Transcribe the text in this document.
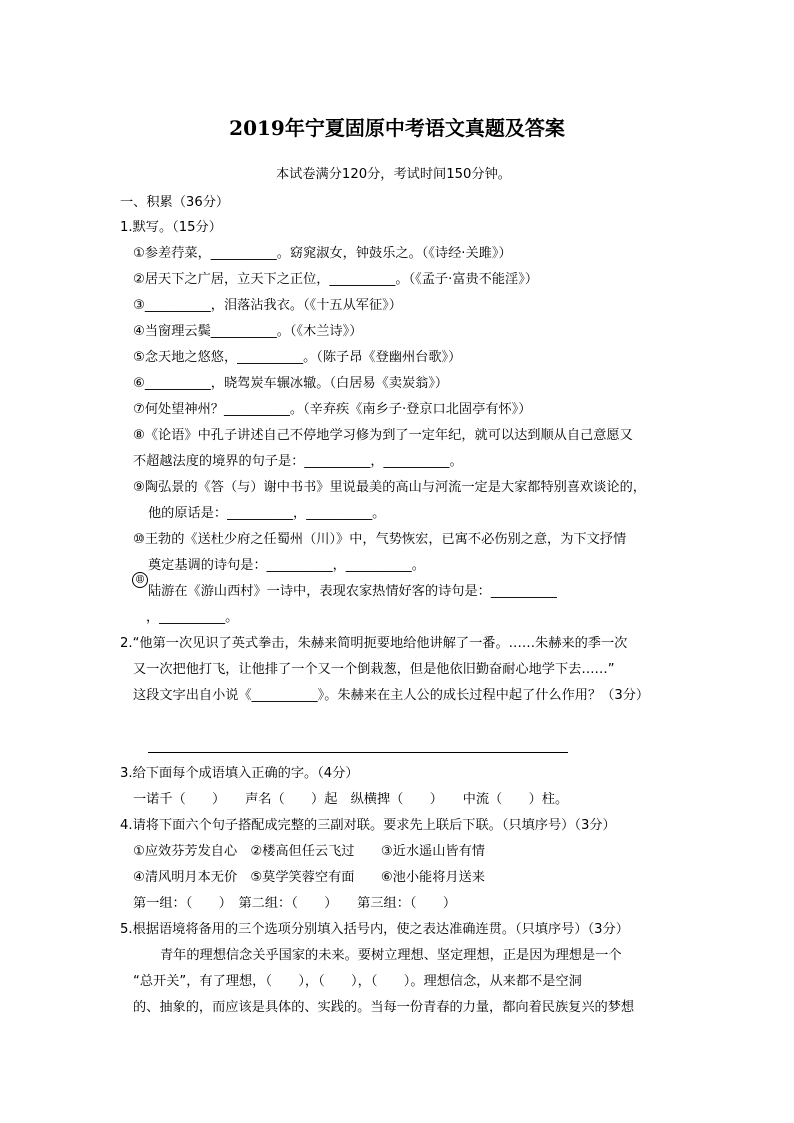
2019年宁夏固原中考语文真题及答案
本试卷满分120分，考试时间150分钟。
一、积累（36分）
1.默写。（15分）
①参差荇菜，__________。窈窕淑女，钟鼓乐之。（《诗经·关雎》）
②居天下之广居，立天下之正位，__________。（《孟子·富贵不能淫》）
③__________，泪落沾我衣。（《十五从军征》）
④当窗理云鬓__________。（《木兰诗》）
⑤念天地之悠悠，__________。（陈子昂《登幽州台歌》）
⑥__________，晓驾炭车辗冰辙。（白居易《卖炭翁》）
⑦何处望神州？__________。（辛弃疾《南乡子·登京口北固亭有怀》）
⑧《论语》中孔子讲述自己不停地学习修为到了一定年纪，就可以达到顺从自己意愿又
不超越法度的境界的句子是：__________，__________。
⑨陶弘景的《答（与）谢中书书》里说最美的高山与河流一定是大家都特别喜欢谈论的，
他的原话是：__________，__________。
⑩王勃的《送杜少府之任蜀州（川）》中，气势恢宏，已寓不必伤别之意，为下文抒情
奠定基调的诗句是：__________，__________。
⑪
陆游在《游山西村》一诗中，表现农家热情好客的诗句是：__________
，__________。
2.“他第一次见识了英式拳击，朱赫来简明扼要地给他讲解了一番。……朱赫来的季一次
又一次把他打飞，让他排了一个又一个倒栽葱，但是他依旧勤奋耐心地学下去……”
这段文字出自小说《__________》。朱赫来在主人公的成长过程中起了什么作用？（3分）
3.给下面每个成语填入正确的字。（4分）
一诺千（　　）　　声名（　　）起　纵横捭（　　）　　中流（　　）柱。
4.请将下面六个句子搭配成完整的三副对联。要求先上联后下联。（只填序号）（3分）
①应效芬芳发自心　②楼高但任云飞过　　③近水遥山皆有情
④清风明月本无价　⑤莫学笑蓉空有面　　⑥池小能将月送来
第一组：（　　）　第二组：（　　）　　第三组：（　　）
5.根据语境将备用的三个选项分别填入括号内，使之表达准确连贯。（只填序号）（3分）
青年的理想信念关乎国家的未来。要树立理想、坚定理想，正是因为理想是一个
“总开关”，有了理想，（　　），（　　），（　　）。理想信念，从来都不是空洞
的、抽象的，而应该是具体的、实践的。当每一份青春的力量，都向着民族复兴的梦想
